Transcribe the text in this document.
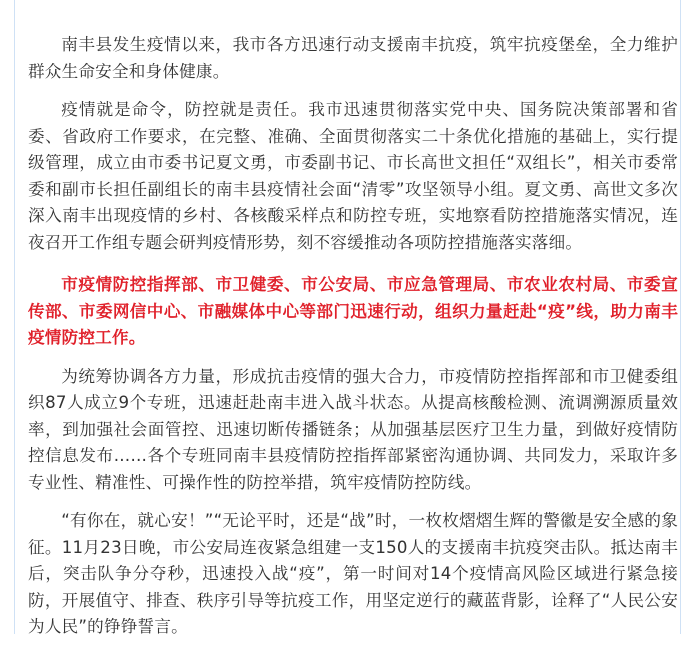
南丰县发生疫情以来，我市各方迅速行动支援南丰抗疫，筑牢抗疫堡垒，全力维护群众生命安全和身体健康。

疫情就是命令，防控就是责任。我市迅速贯彻落实党中央、国务院决策部署和省委、省政府工作要求，在完整、准确、全面贯彻落实二十条优化措施的基础上，实行提级管理，成立由市委书记夏文勇，市委副书记、市长高世文担任“双组长”，相关市委常委和副市长担任副组长的南丰县疫情社会面“清零”攻坚领导小组。夏文勇、高世文多次深入南丰出现疫情的乡村、各核酸采样点和防控专班，实地察看防控措施落实情况，连夜召开工作组专题会研判疫情形势，刻不容缓推动各项防控措施落实落细。

市疫情防控指挥部、市卫健委、市公安局、市应急管理局、市农业农村局、市委宣传部、市委网信中心、市融媒体中心等部门迅速行动，组织力量赶赴“疫”线，助力南丰疫情防控工作。

为统筹协调各方力量，形成抗击疫情的强大合力，市疫情防控指挥部和市卫健委组织87人成立9个专班，迅速赶赴南丰进入战斗状态。从提高核酸检测、流调溯源质量效率，到加强社会面管控、迅速切断传播链条；从加强基层医疗卫生力量，到做好疫情防控信息发布……各个专班同南丰县疫情防控指挥部紧密沟通协调、共同发力，采取许多专业性、精准性、可操作性的防控举措，筑牢疫情防控防线。

“有你在，就心安！”“无论平时，还是“战”时，一枚枚熠熠生辉的警徽是安全感的象征。11月23日晚，市公安局连夜紧急组建一支150人的支援南丰抗疫突击队。抵达南丰后，突击队争分夺秒，迅速投入战“疫”，第一时间对14个疫情高风险区域进行紧急接防，开展值守、排查、秩序引导等抗疫工作，用坚定逆行的藏蓝背影，诠释了“人民公安为人民”的铮铮誓言。
